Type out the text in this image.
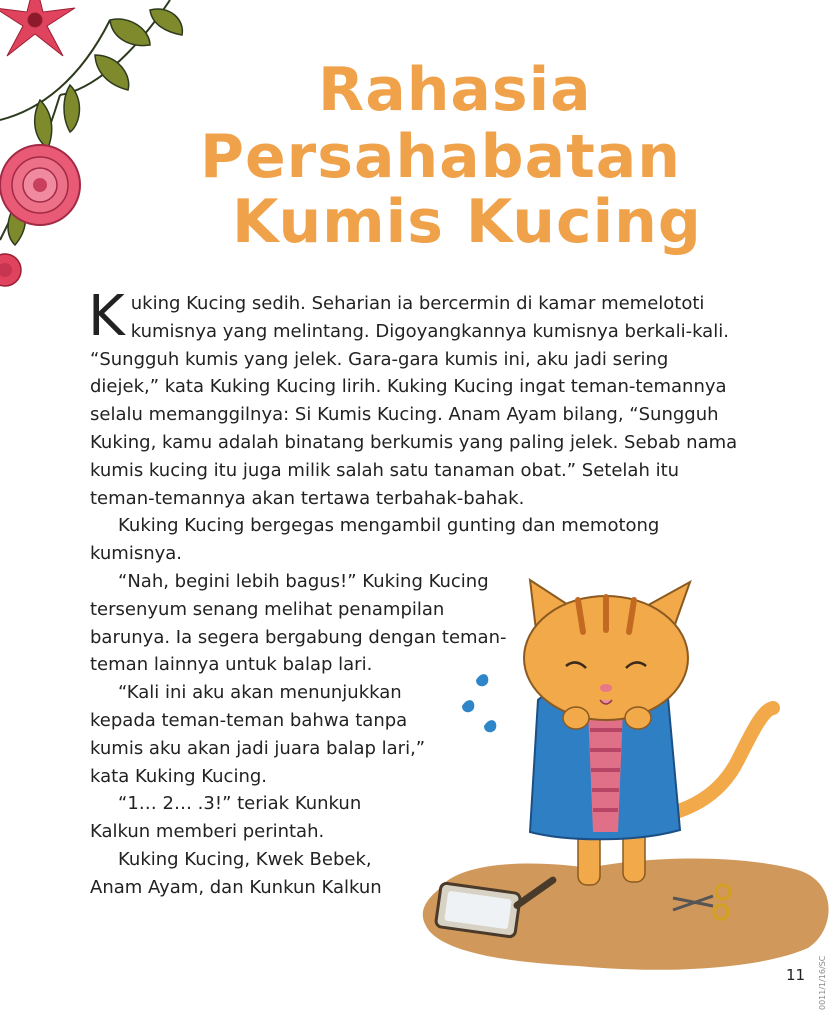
Rahasia
Persahabatan
Kumis Kucing

Kuking Kucing sedih. Seharian ia bercermin di kamar memelototi kumisnya yang melintang. Digoyangkannya kumisnya berkali-kali. “Sungguh kumis yang jelek. Gara-gara kumis ini, aku jadi sering diejek,” kata Kuking Kucing lirih. Kuking Kucing ingat teman-temannya selalu memanggilnya: Si Kumis Kucing. Anam Ayam bilang, “Sungguh Kuking, kamu adalah binatang berkumis yang paling jelek. Sebab nama kumis kucing itu juga milik salah satu tanaman obat.” Setelah itu teman-temannya akan tertawa terbahak-bahak.

Kuking Kucing bergegas mengambil gunting dan memotong kumisnya.

“Nah, begini lebih bagus!” Kuking Kucing tersenyum senang melihat penampilan barunya. Ia segera bergabung dengan teman-teman lainnya untuk balap lari.

“Kali ini aku akan menunjukkan kepada teman-teman bahwa tanpa kumis aku akan jadi juara balap lari,” kata Kuking Kucing.

“1… 2… .3!” teriak Kunkun Kalkun memberi perintah.

Kuking Kucing, Kwek Bebek, Anam Ayam, dan Kunkun Kalkun

11 0011/1/16/SC
